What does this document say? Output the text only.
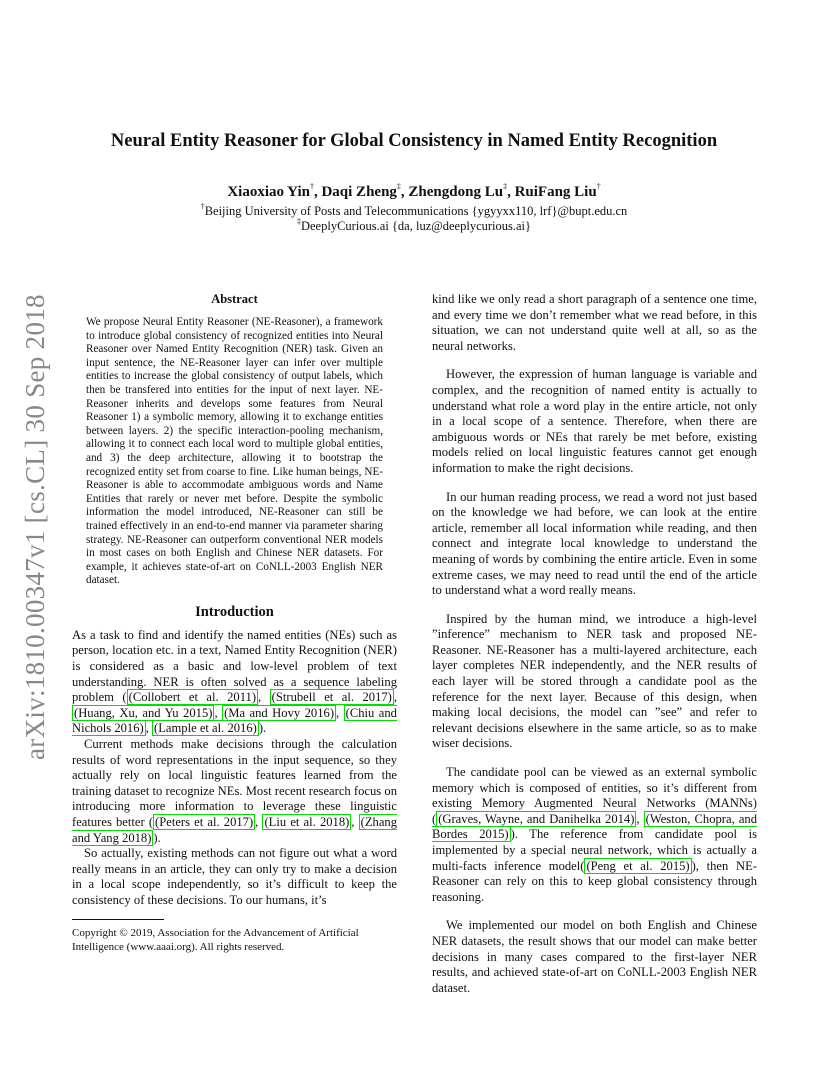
Neural Entity Reasoner for Global Consistency in Named Entity Recognition
Xiaoxiao Yin†, Daqi Zheng‡, Zhengdong Lu‡, RuiFang Liu†
†Beijing University of Posts and Telecommunications {ygyyxx110, lrf}@bupt.edu.cn
‡DeeplyCurious.ai {da, luz@deeplycurious.ai}
arXiv:1810.00347v1 [cs.CL] 30 Sep 2018	Abstract

We propose Neural Entity Reasoner (NE-Reasoner), a framework to introduce global consistency of recognized entities into Neural Reasoner over Named Entity Recognition (NER) task. Given an input sentence, the NE-Reasoner layer can infer over multiple entities to increase the global consistency of output labels, which then be transfered into entities for the input of next layer. NE-Reasoner inherits and develops some features from Neural Reasoner 1) a symbolic memory, allowing it to exchange entities between layers. 2) the specific interaction-pooling mechanism, allowing it to connect each local word to multiple global entities, and 3) the deep architecture, allowing it to bootstrap the recognized entity set from coarse to fine. Like human beings, NE-Reasoner is able to accommodate ambiguous words and Name Entities that rarely or never met before. Despite the symbolic information the model introduced, NE-Reasoner can still be trained effectively in an end-to-end manner via parameter sharing strategy. NE-Reasoner can outperform conventional NER models in most cases on both English and Chinese NER datasets. For example, it achieves state-of-art on CoNLL-2003 English NER dataset.

Introduction

As a task to find and identify the named entities (NEs) such as person, location etc. in a text, Named Entity Recognition (NER) is considered as a basic and low-level problem of text understanding. NER is often solved as a sequence labeling problem ( (Collobert et al. 2011) , (Strubell et al. 2017) , (Huang, Xu, and Yu 2015) , (Ma and Hovy 2016) , (Chiu and Nichols 2016) , (Lample et al. 2016) ).

Current methods make decisions through the calculation results of word representations in the input sequence, so they actually rely on local linguistic features learned from the training dataset to recognize NEs. Most recent research focus on introducing more information to leverage these linguistic features better ( (Peters et al. 2017) , (Liu et al. 2018) , (Zhang and Yang 2018) ).

So actually, existing methods can not figure out what a word really means in an article, they can only try to make a decision in a local scope independently, so it’s difficult to keep the consistency of these decisions. To our humans, it’s

Copyright © 2019, Association for the Advancement of Artificial Intelligence (www.aaai.org). All rights reserved.

kind like we only read a short paragraph of a sentence one time, and every time we don’t remember what we read before, in this situation, we can not understand quite well at all, so as the neural networks.

However, the expression of human language is variable and complex, and the recognition of named entity is actually to understand what role a word play in the entire article, not only in a local scope of a sentence. Therefore, when there are ambiguous words or NEs that rarely be met before, existing models relied on local linguistic features cannot get enough information to make the right decisions.

In our human reading process, we read a word not just based on the knowledge we had before, we can look at the entire article, remember all local information while reading, and then connect and integrate local knowledge to understand the meaning of words by combining the entire article. Even in some extreme cases, we may need to read until the end of the article to understand what a word really means.

Inspired by the human mind, we introduce a high-level ”inference” mechanism to NER task and proposed NE-Reasoner. NE-Reasoner has a multi-layered architecture, each layer completes NER independently, and the NER results of each layer will be stored through a candidate pool as the reference for the next layer. Because of this design, when making local decisions, the model can ”see” and refer to relevant decisions elsewhere in the same article, so as to make wiser decisions.

The candidate pool can be viewed as an external symbolic memory which is composed of entities, so it’s different from existing Memory Augmented Neural Networks (MANNs) ( (Graves, Wayne, and Danihelka 2014) , (Weston, Chopra, and Bordes 2015) ). The reference from candidate pool is implemented by a special neural network, which is actually a multi-facts inference model( (Peng et al. 2015) ), then NE-Reasoner can rely on this to keep global consistency through reasoning.

We implemented our model on both English and Chinese NER datasets, the result shows that our model can make better decisions in many cases compared to the first-layer NER results, and achieved state-of-art on CoNLL-2003 English NER dataset.
